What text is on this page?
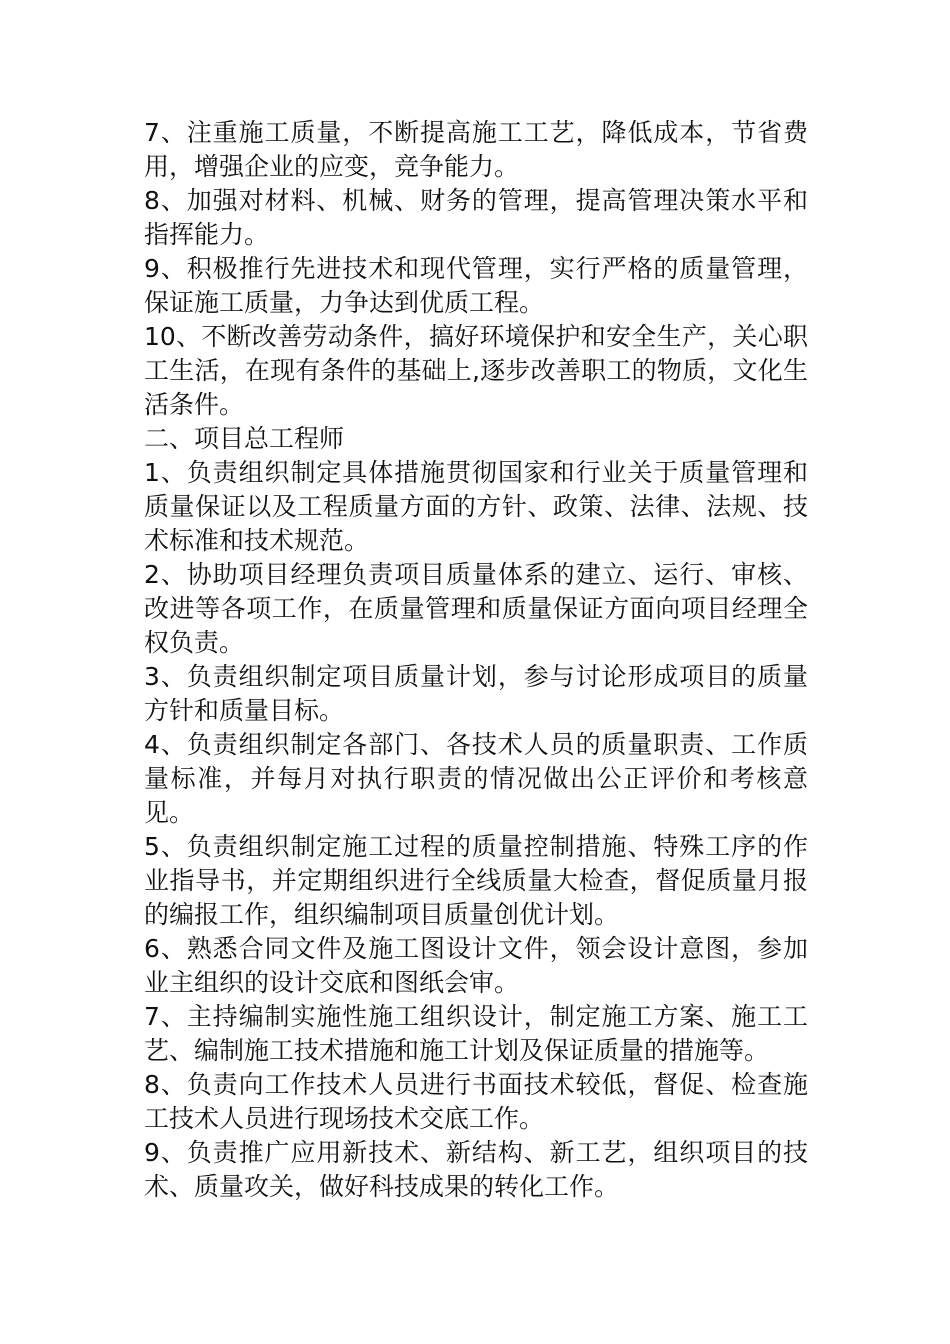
7、注重施工质量，不断提高施工工艺，降低成本，节省费用，增强企业的应变，竞争能力。

8、加强对材料、机械、财务的管理，提高管理决策水平和指挥能力。

9、积极推行先进技术和现代管理，实行严格的质量管理，保证施工质量，力争达到优质工程。

10、不断改善劳动条件，搞好环境保护和安全生产，关心职工生活，在现有条件的基础上,逐步改善职工的物质，文化生活条件。

二、项目总工程师

1、负责组织制定具体措施贯彻国家和行业关于质量管理和质量保证以及工程质量方面的方针、政策、法律、法规、技术标准和技术规范。

2、协助项目经理负责项目质量体系的建立、运行、审核、改进等各项工作，在质量管理和质量保证方面向项目经理全权负责。

3、负责组织制定项目质量计划，参与讨论形成项目的质量方针和质量目标。

4、负责组织制定各部门、各技术人员的质量职责、工作质量标准，并每月对执行职责的情况做出公正评价和考核意见。

5、负责组织制定施工过程的质量控制措施、特殊工序的作业指导书，并定期组织进行全线质量大检查，督促质量月报的编报工作，组织编制项目质量创优计划。

6、熟悉合同文件及施工图设计文件，领会设计意图，参加业主组织的设计交底和图纸会审。

7、主持编制实施性施工组织设计，制定施工方案、施工工艺、编制施工技术措施和施工计划及保证质量的措施等。

8、负责向工作技术人员进行书面技术较低，督促、检查施工技术人员进行现场技术交底工作。

9、负责推广应用新技术、新结构、新工艺，组织项目的技术、质量攻关，做好科技成果的转化工作。
